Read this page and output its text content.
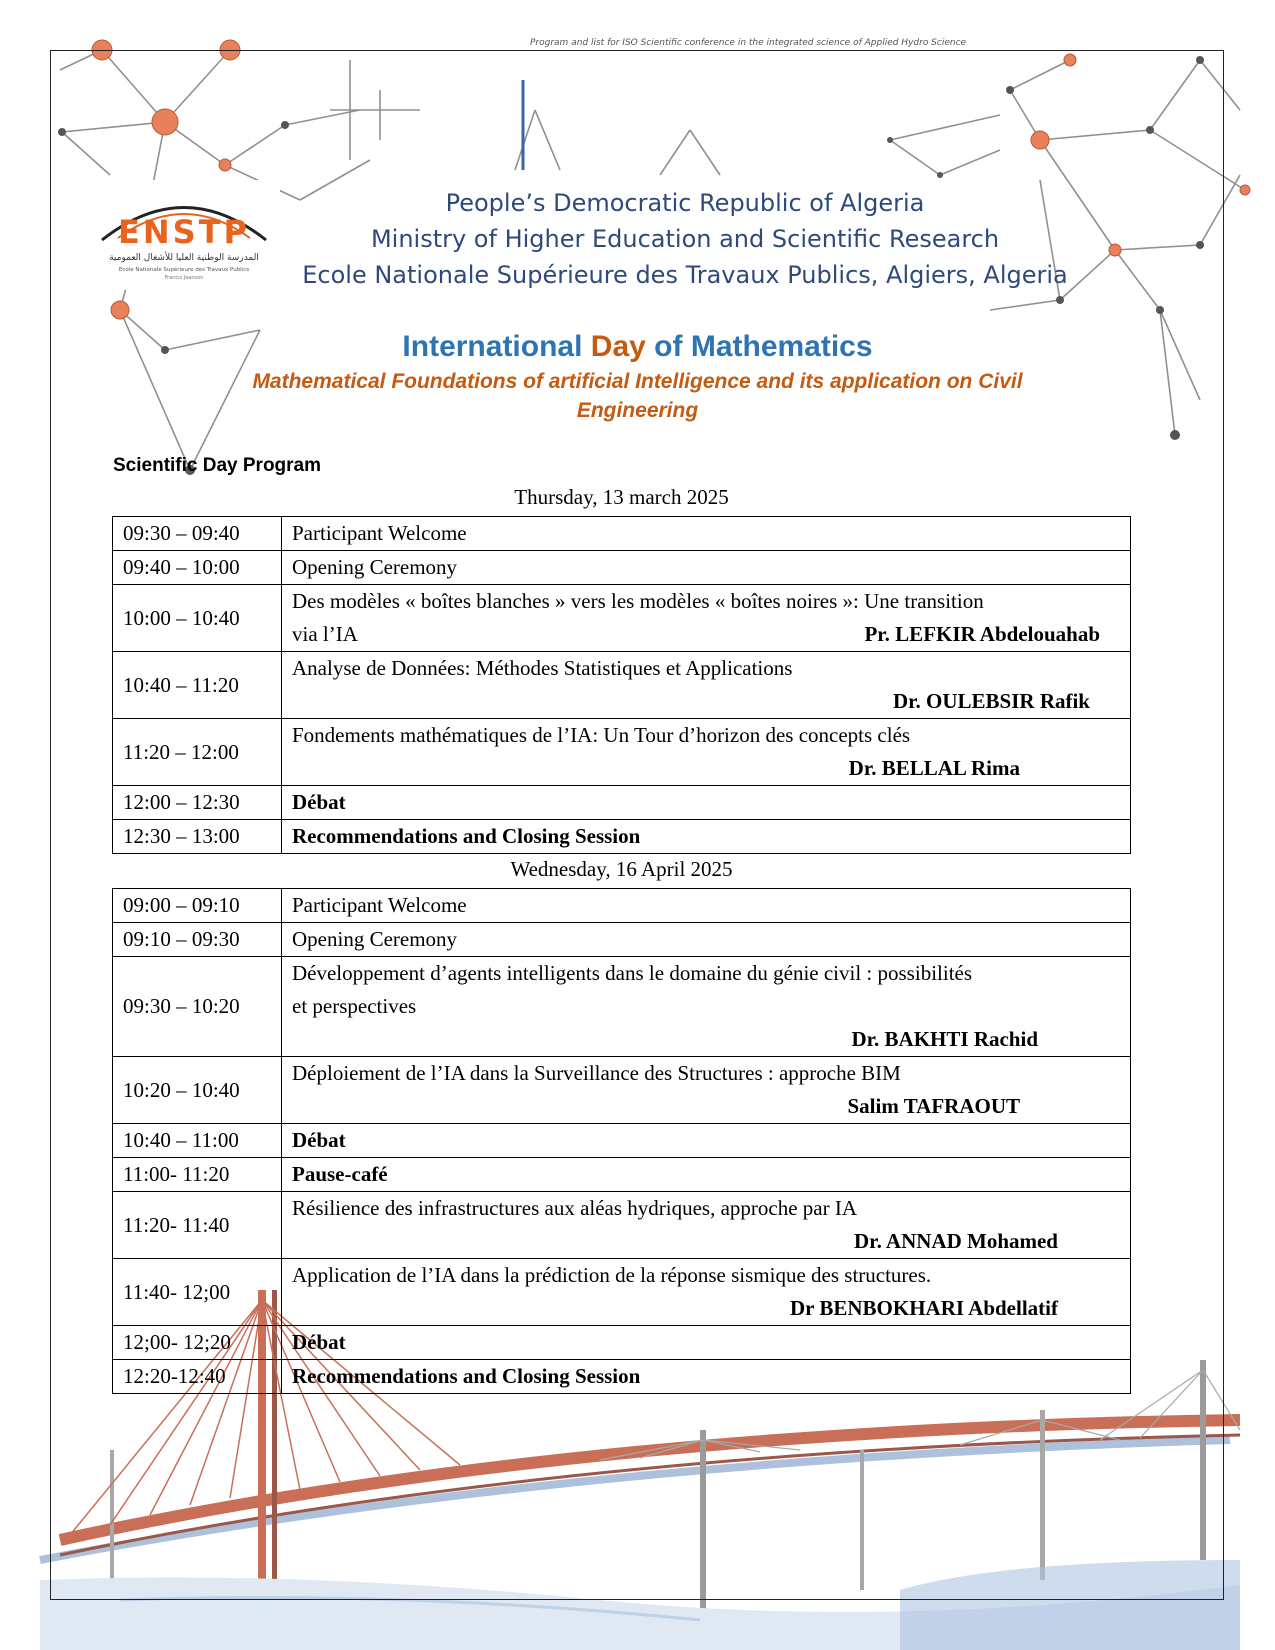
Program and list for ISO Scientific conference in the integrated science of Applied Hydro Science
ENSTP
المدرسة الوطنية العليا للأشغال العمومية
Ecole Nationale Supérieure des Travaux Publics
Francis Jeanson
People’s Democratic Republic of Algeria
Ministry of Higher Education and Scientific Research
Ecole Nationale Supérieure des Travaux Publics, Algiers, Algeria
International Day of Mathematics
Mathematical Foundations of artificial Intelligence and its application on Civil
Engineering
Scientific Day Program
Thursday, 13 march 2025
09:30 – 09:40	Participant Welcome
09:40 – 10:00	Opening Ceremony
10:00 – 10:40	Des modèles « boîtes blanches » vers les modèles « boîtes noires »: Une transition
via l’IA Pr. LEFKIR Abdelouahab

10:40 – 11:20	Analyse de Données: Méthodes Statistiques et Applications
Dr. OULEBSIR Rafik

11:20 – 12:00	Fondements mathématiques de l’IA: Un Tour d’horizon des concepts clés
Dr. BELLAL Rima

12:00 – 12:30	Débat
12:30 – 13:00	Recommendations and Closing Session
Wednesday, 16 April 2025
09:00 – 09:10	Participant Welcome
09:10 – 09:30	Opening Ceremony
09:30 – 10:20	Développement d’agents intelligents dans le domaine du génie civil : possibilités
et perspectives
Dr. BAKHTI Rachid

10:20 – 10:40	Déploiement de l’IA dans la Surveillance des Structures : approche BIM
Salim TAFRAOUT

10:40 – 11:00	Débat
11:00- 11:20	Pause-café
11:20- 11:40	Résilience des infrastructures aux aléas hydriques, approche par IA
Dr. ANNAD Mohamed

11:40- 12;00	Application de l’IA dans la prédiction de la réponse sismique des structures.
Dr BENBOKHARI Abdellatif

12;00- 12;20	Débat
12:20-12:40	Recommendations and Closing Session
